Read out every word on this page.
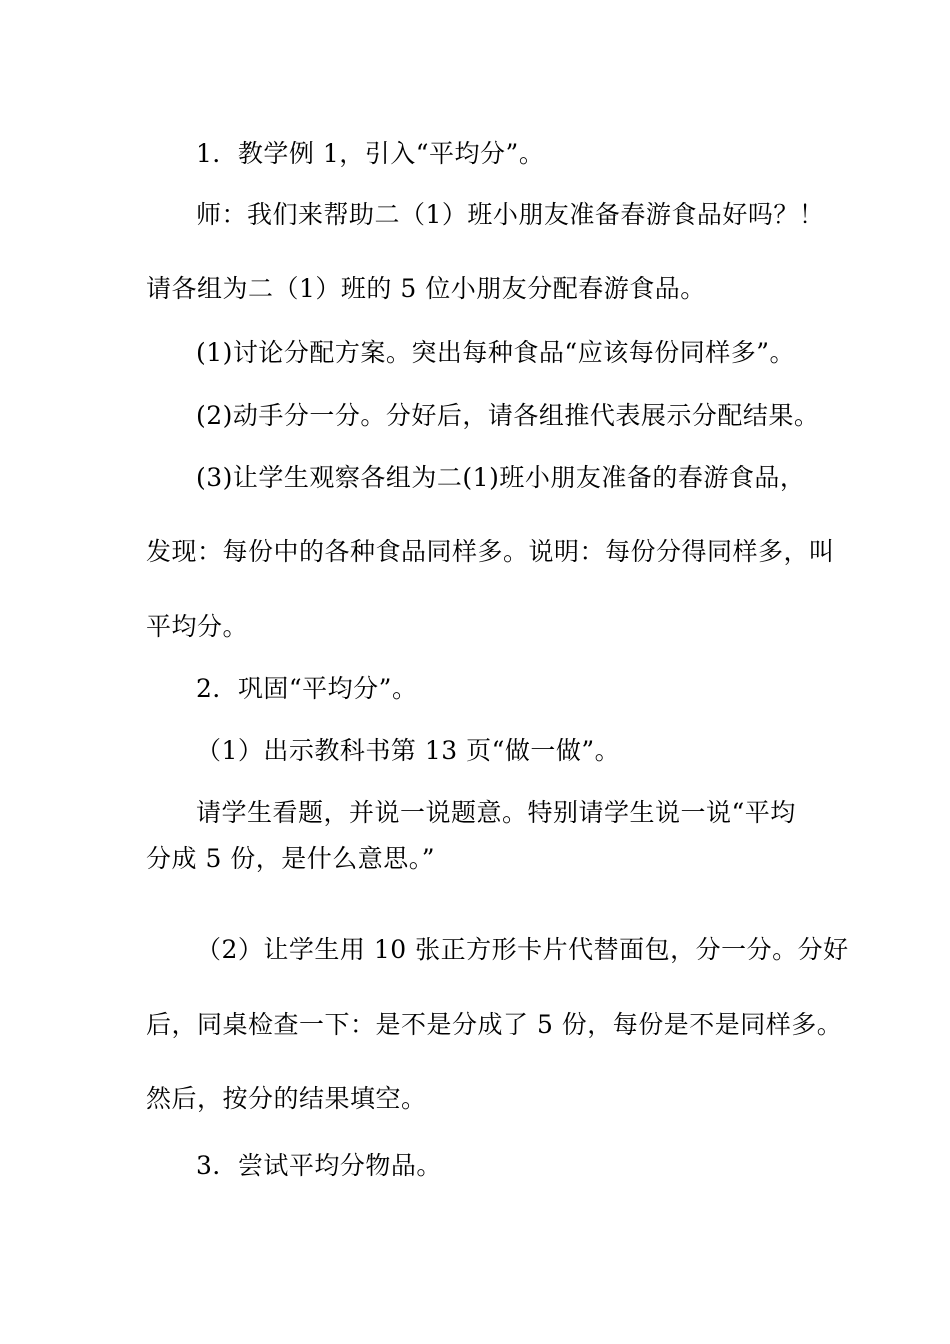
1．教学例 1，引入“平均分”。
师：我们来帮助二（1）班小朋友准备春游食品好吗？！
请各组为二（1）班的 5 位小朋友分配春游食品。
(1)讨论分配方案。突出每种食品“应该每份同样多”。
(2)动手分一分。分好后，请各组推代表展示分配结果。
(3)让学生观察各组为二(1)班小朋友准备的春游食品，
发现：每份中的各种食品同样多。说明：每份分得同样多，叫
平均分。
2．巩固“平均分”。
（1）出示教科书第 13 页“做一做”。
请学生看题，并说一说题意。特别请学生说一说“平均
分成 5 份，是什么意思。”
（2）让学生用 10 张正方形卡片代替面包，分一分。分好
后，同桌检查一下：是不是分成了 5 份，每份是不是同样多。
然后，按分的结果填空。
3．尝试平均分物品。
